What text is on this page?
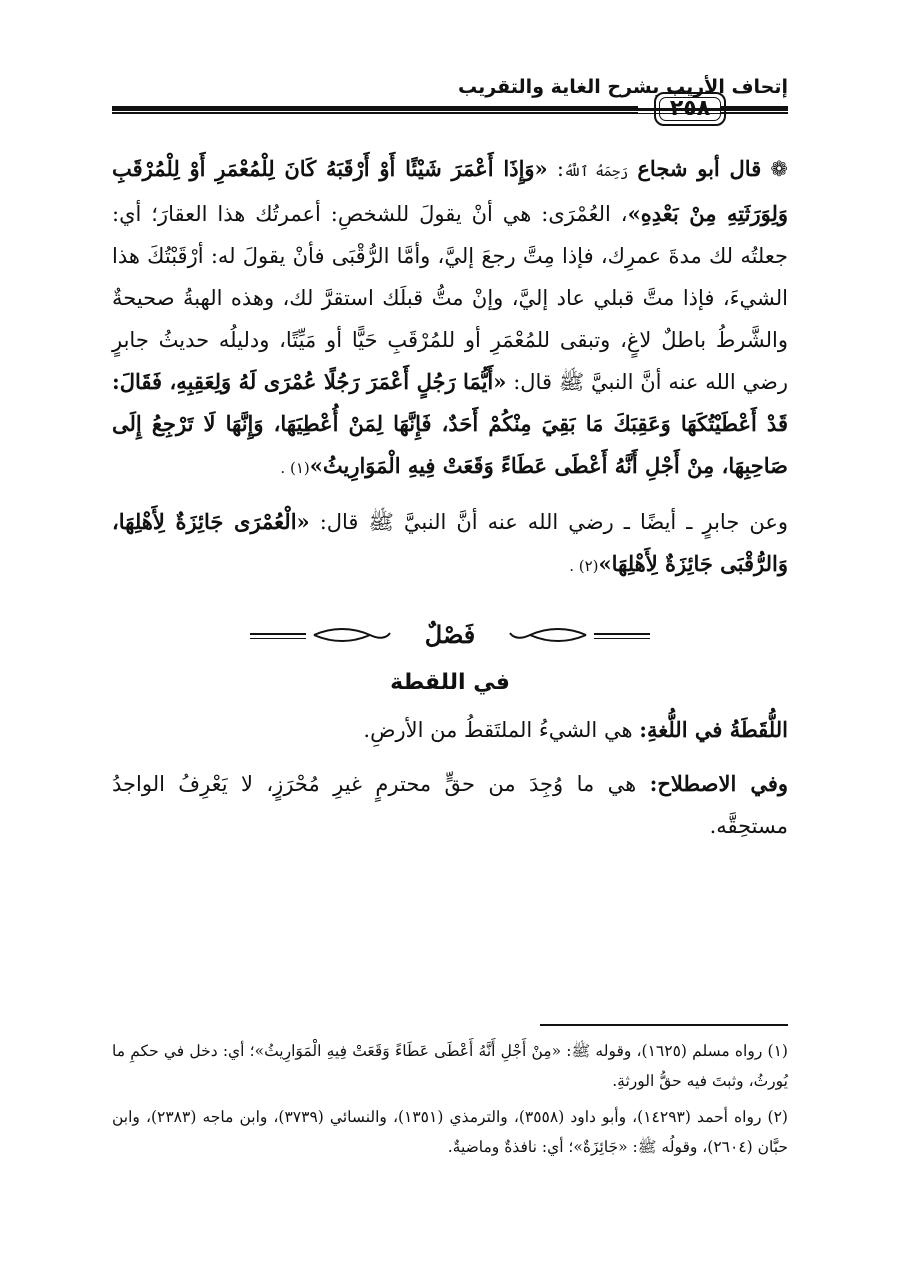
إتحاف الأريب بشرح الغاية والتقريب
٢٥٨

❁ قال أبو شجاع رَحِمَهُ ٱللَّهُ: «وَإِذَا أَعْمَرَ شَيْئًا أَوْ أَرْقَبَهُ كَانَ لِلْمُعْمَرِ أَوْ لِلْمُرْقَبِ وَلِوَرَثَتِهِ مِنْ بَعْدِهِ»، العُمْرَى: هي أنْ يقولَ للشخصِ: أعمرتُك هذا العقارَ؛ أي: جعلتُه لك مدةَ عمرِك، فإذا مِتَّ رجعَ إليَّ، وأمَّا الرُّقْبَى فأنْ يقولَ له: أرْقَبْتُكَ هذا الشيءَ، فإذا متَّ قبلي عاد إليَّ، وإنْ متُّ قبلَك استقرَّ لك، وهذه الهبةُ صحيحةٌ والشَّرطُ باطلٌ لاغٍ، وتبقى للمُعْمَرِ أو للمُرْقَبِ حَيًّا أو مَيِّتًا، ودليلُه حديثُ جابرٍ رضي الله عنه أنَّ النبيَّ ﷺ قال: «أَيُّمَا رَجُلٍ أَعْمَرَ رَجُلًا عُمْرَى لَهُ وَلِعَقِبِهِ، فَقَالَ: قَدْ أَعْطَيْتُكَهَا وَعَقِبَكَ مَا بَقِيَ مِنْكُمْ أَحَدٌ، فَإِنَّهَا لِمَنْ أُعْطِيَهَا، وَإِنَّهَا لَا تَرْجِعُ إِلَى صَاحِبِهَا، مِنْ أَجْلِ أَنَّهُ أَعْطَى عَطَاءً وَقَعَتْ فِيهِ الْمَوَارِيثُ»(١) .

وعن جابرٍ ـ أيضًا ـ رضي الله عنه أنَّ النبيَّ ﷺ قال: «الْعُمْرَى جَائِزَةٌ لِأَهْلِهَا، وَالرُّقْبَى جَائِزَةٌ لِأَهْلِهَا»(٢) .

فَصْلٌ
في اللقطة

اللُّقَطَةُ في اللُّغةِ: هي الشيءُ الملتَقطُ من الأرضِ.

وفي الاصطلاح: هي ما وُجِدَ من حقٍّ محترمٍ غيرِ مُحْرَزٍ، لا يَعْرِفُ الواجدُ مستحِقَّه.

(١) رواه مسلم (١٦٢٥)، وقوله ﷺ: «مِنْ أَجْلِ أَنَّهُ أَعْطَى عَطَاءً وَقَعَتْ فِيهِ الْمَوَارِيثُ»؛ أي: دخل في حكمِ ما يُورثُ، وثبتَ فيه حقُّ الورثةِ.
(٢) رواه أحمد (١٤٢٩٣)، وأبو داود (٣٥٥٨)، والترمذي (١٣٥١)، والنسائي (٣٧٣٩)، وابن ماجه (٢٣٨٣)، وابن حبَّان (٢٦٠٤)، وقولُه ﷺ: «جَائِزَةٌ»؛ أي: نافذةٌ وماضيةٌ.
